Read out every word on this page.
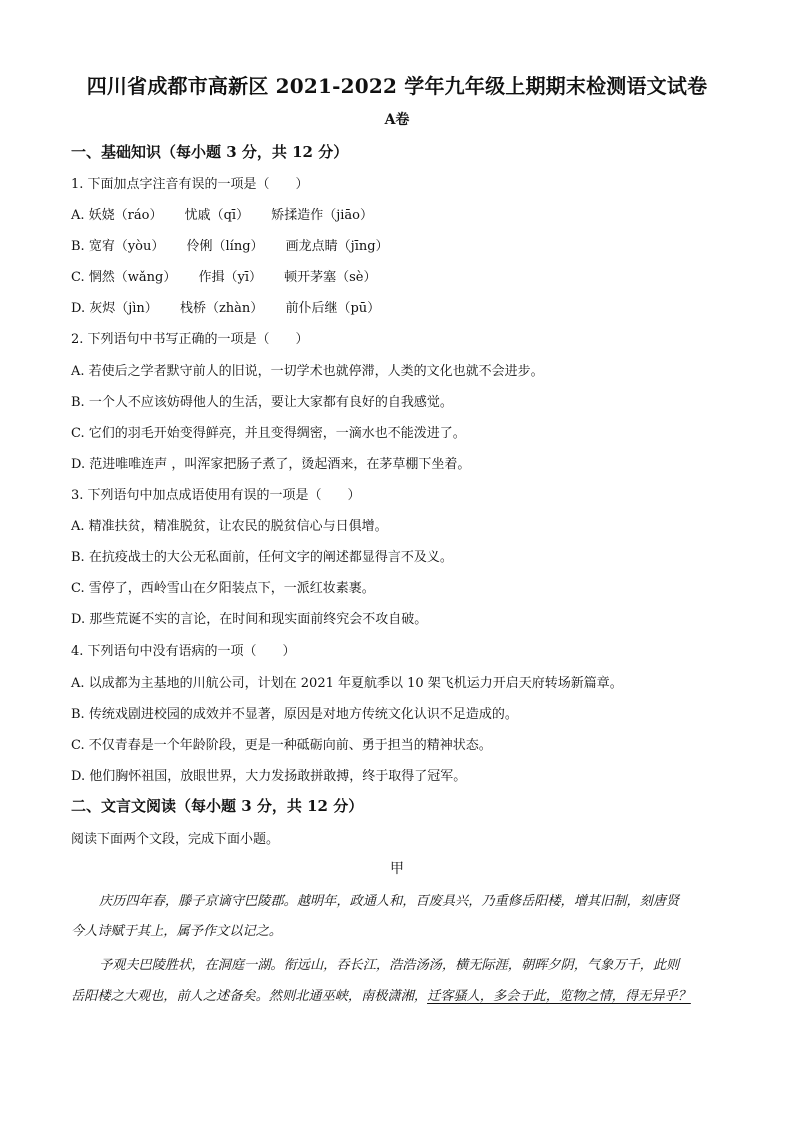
四川省成都市高新区 2021-2022 学年九年级上期期末检测语文试卷
A卷
一、基础知识（每小题 3 分，共 12 分）
1. 下面加点字注音有误的一项是（　　）
A. 妖娆（ráo） 忧戚（qī） 矫揉造作（jiāo）
B. 宽宥（yòu） 伶俐（líng） 画龙点睛（jīng）
C. 惘然（wǎng） 作揖（yī） 顿开茅塞（sè）
D. 灰烬（jìn） 栈桥（zhàn） 前仆后继（pū）
2. 下列语句中书写正确的一项是（　　）
A. 若使后之学者默守前人的旧说，一切学术也就停滞，人类的文化也就不会进步。
B. 一个人不应该妨碍他人的生活，要让大家都有良好的自我感觉。
C. 它们的羽毛开始变得鲜亮，并且变得绸密，一滴水也不能泼进了。
D. 范进唯唯连声 ，叫浑家把肠子煮了，烫起酒来，在茅草棚下坐着。
3. 下列语句中加点成语使用有误的一项是（　　）
A. 精准扶贫，精准脱贫，让农民的脱贫信心与日俱增。
B. 在抗疫战士的大公无私面前，任何文字的阐述都显得言不及义。
C. 雪停了，西岭雪山在夕阳装点下，一派红妆素裹。
D. 那些荒诞不实的言论，在时间和现实面前终究会不攻自破。
4. 下列语句中没有语病的一项（　　）
A. 以成都为主基地的川航公司，计划在 2021 年夏航季以 10 架飞机运力开启天府转场新篇章。
B. 传统戏剧进校园的成效并不显著，原因是对地方传统文化认识不足造成的。
C. 不仅青春是一个年龄阶段，更是一种砥砺向前、勇于担当的精神状态。
D. 他们胸怀祖国，放眼世界，大力发扬敢拼敢搏，终于取得了冠军。
二、文言文阅读（每小题 3 分，共 12 分）
阅读下面两个文段，完成下面小题。
甲
庆历四年春，滕子京谪守巴陵郡。越明年，政通人和，百废具兴，乃重修岳阳楼，增其旧制，刻唐贤
今人诗赋于其上，属予作文以记之。
予观夫巴陵胜状，在洞庭一湖。衔远山，吞长江，浩浩汤汤，横无际涯，朝晖夕阴，气象万千，此则
岳阳楼之大观也，前人之述备矣。然则北通巫峡，南极潇湘，迁客骚人，多会于此，览物之情，得无异乎？
